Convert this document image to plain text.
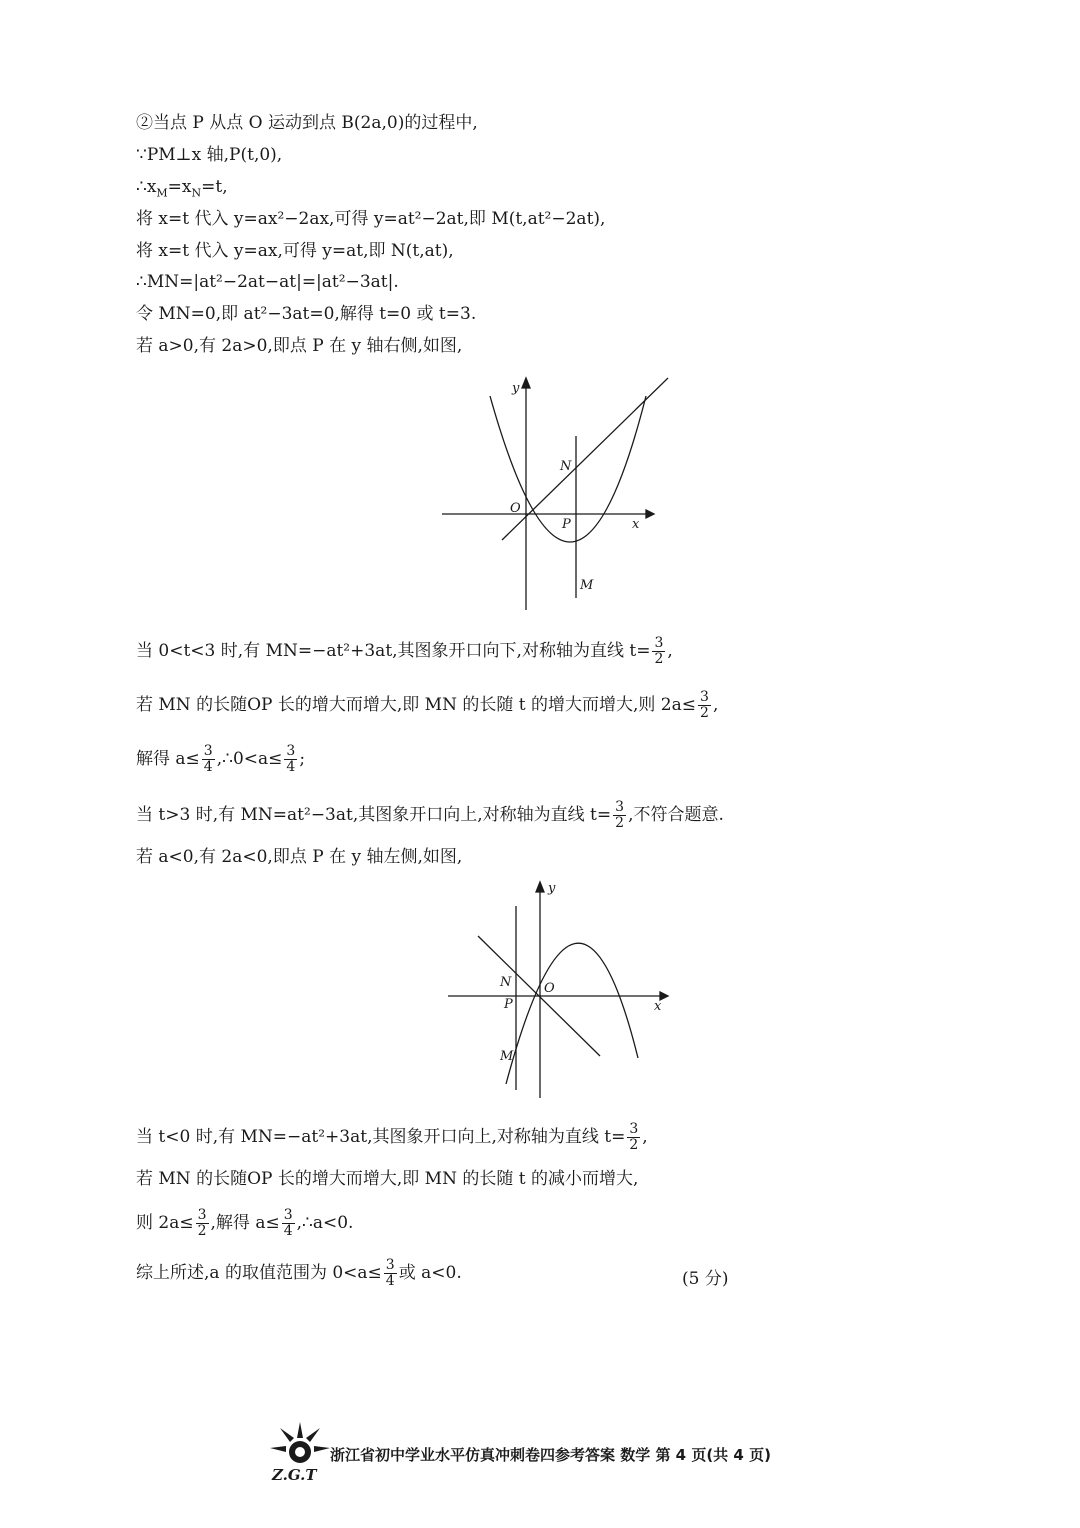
②当点 P 从点 O 运动到点 B(2a,0)的过程中,
∵PM⊥x 轴,P(t,0),
$\therefore x_M=x_N=t$,
将 x=t 代入 y=ax²−2ax,可得 y=at²−2at,即 M(t,at²−2at),
将 x=t 代入 y=ax,可得 y=at,即 N(t,at),
∴MN=|at²−2at−at|=|at²−3at|.
令 MN=0,即 at²−3at=0,解得 t=0 或 t=3.
若 a>0,有 2a>0,即点 P 在 y 轴右侧,如图,
y
x
O
P
N
M
当 0<t<3 时,有 MN=−at²+3at,其图象开口向下,对称轴为直线 $t= \frac{3}{2}$ ,
若 MN 的长随OP 长的增大而增大,即 MN 的长随 t 的增大而增大,则 $2a\le \frac{3}{2}$ ,
解得 $a\le \frac{3}{4}$ ,∴0<a≤ $\frac{3}{4}$ ;
当 t>3 时,有 MN=at²−3at,其图象开口向上,对称轴为直线 $t= \frac{3}{2}$ ,不符合题意.
若 a<0,有 2a<0,即点 P 在 y 轴左侧,如图,
y
x
O
P
N
M
当 t<0 时,有 MN=−at²+3at,其图象开口向上,对称轴为直线 $t= \frac{3}{2}$ ,
若 MN 的长随OP 长的增大而增大,即 MN 的长随 t 的减小而增大,
则 $2a\le \frac{3}{2}$ ,解得 $a\le \frac{3}{4}$ ,∴a<0.
综上所述,a 的取值范围为 $0<a\le \frac{3}{4}$ 或 a<0.	(5 分)
Z.G.T
浙江省初中学业水平仿真冲刺卷四参考答案 数学 第 4 页(共 4 页)
